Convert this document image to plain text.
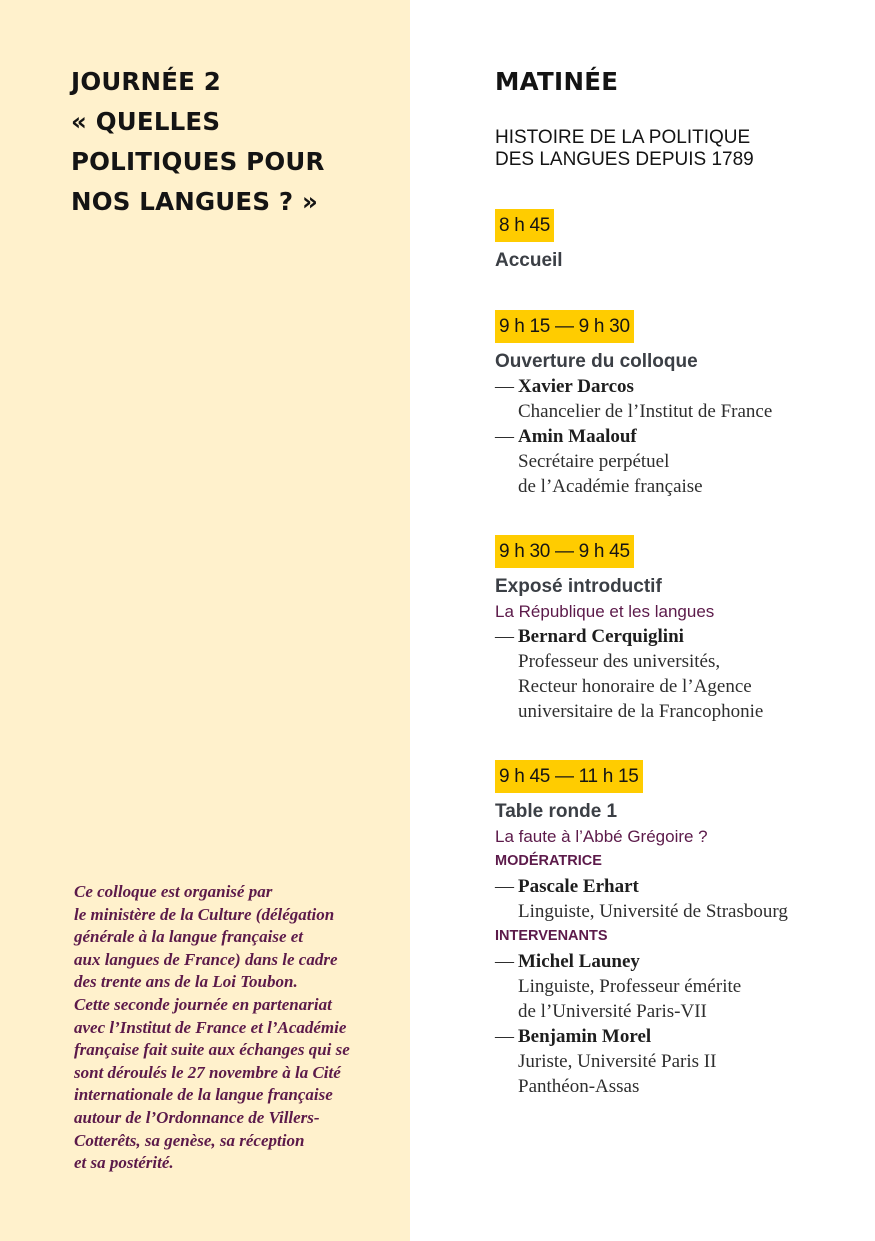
JOURNÉE 2
« QUELLES
POLITIQUES POUR
NOS LANGUES ? »

Ce colloque est organisé par
le ministère de la Culture (délégation
générale à la langue française et
aux langues de France) dans le cadre
des trente ans de la Loi Toubon.
Cette seconde journée en partenariat
avec l’Institut de France et l’Académie
française fait suite aux échanges qui se
sont déroulés le 27 novembre à la Cité
internationale de la langue française
autour de l’Ordonnance de Villers-
Cotterêts, sa genèse, sa réception
et sa postérité.

MATINÉE
HISTOIRE DE LA POLITIQUE
DES LANGUES DEPUIS 1789
8 h 45
Accueil
9 h 15 — 9 h 30
Ouverture du colloque
— Xavier Darcos
Chancelier de l’Institut de France
— Amin Maalouf
Secrétaire perpétuel
de l’Académie française
9 h 30 — 9 h 45
Exposé introductif
La République et les langues
— Bernard Cerquiglini
Professeur des universités,
Recteur honoraire de l’Agence
universitaire de la Francophonie
9 h 45 — 11 h 15
Table ronde 1
La faute à l’Abbé Grégoire ?
MODÉRATRICE
— Pascale Erhart
Linguiste, Université de Strasbourg
INTERVENANTS
— Michel Launey
Linguiste, Professeur émérite
de l’Université Paris-VII
— Benjamin Morel
Juriste, Université Paris II
Panthéon-Assas
